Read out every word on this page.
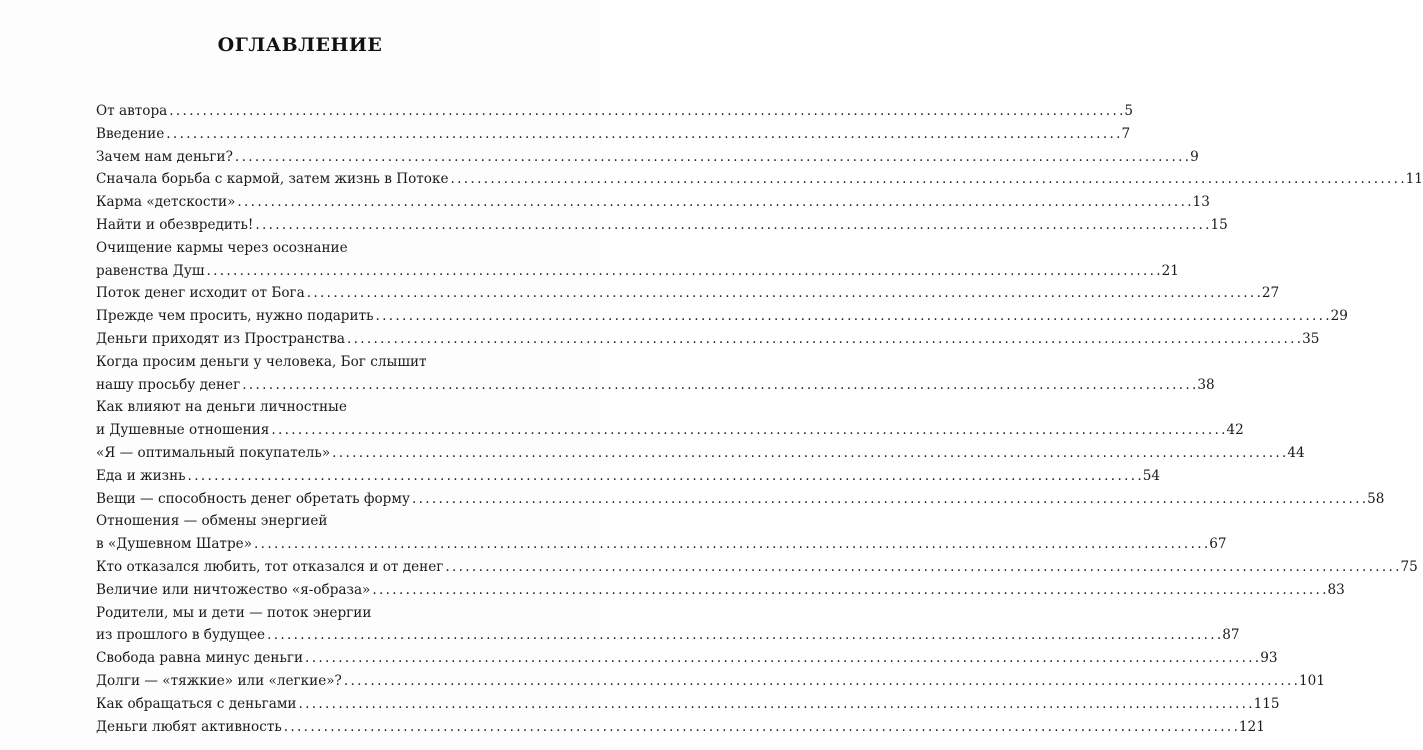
ОГЛАВЛЕНИЕ
От автора . . .	5
Введение . . .	7
Зачем нам деньги? . . .	9
Сначала борьба с кармой, затем жизнь в Потоке . . .	11
Карма «детскости» . . .	13
Найти и обезвредить! . . .	15
Очищение кармы через осознание
равенства Душ . . .	21
Поток денег исходит от Бога . . .	27
Прежде чем просить, нужно подарить . . .	29
Деньги приходят из Пространства . . .	35
Когда просим деньги у человека, Бог слышит
нашу просьбу денег . . .	38
Как влияют на деньги личностные
и Душевные отношения . . .	42
«Я — оптимальный покупатель» . . .	44
Еда и жизнь . . .	54
Вещи — способность денег обретать форму . . .	58
Отношения — обмены энергией
в «Душевном Шатре» . . .	67
Кто отказался любить, тот отказался и от денег . . .	75
Величие или ничтожество «я-образа» . . .	83
Родители, мы и дети — поток энергии
из прошлого в будущее . . .	87
Свобода равна минус деньги . . .	93
Долги — «тяжкие» или «легкие»? . . .	101
Как обращаться с деньгами . . .	115
Деньги любят активность . . .	121
